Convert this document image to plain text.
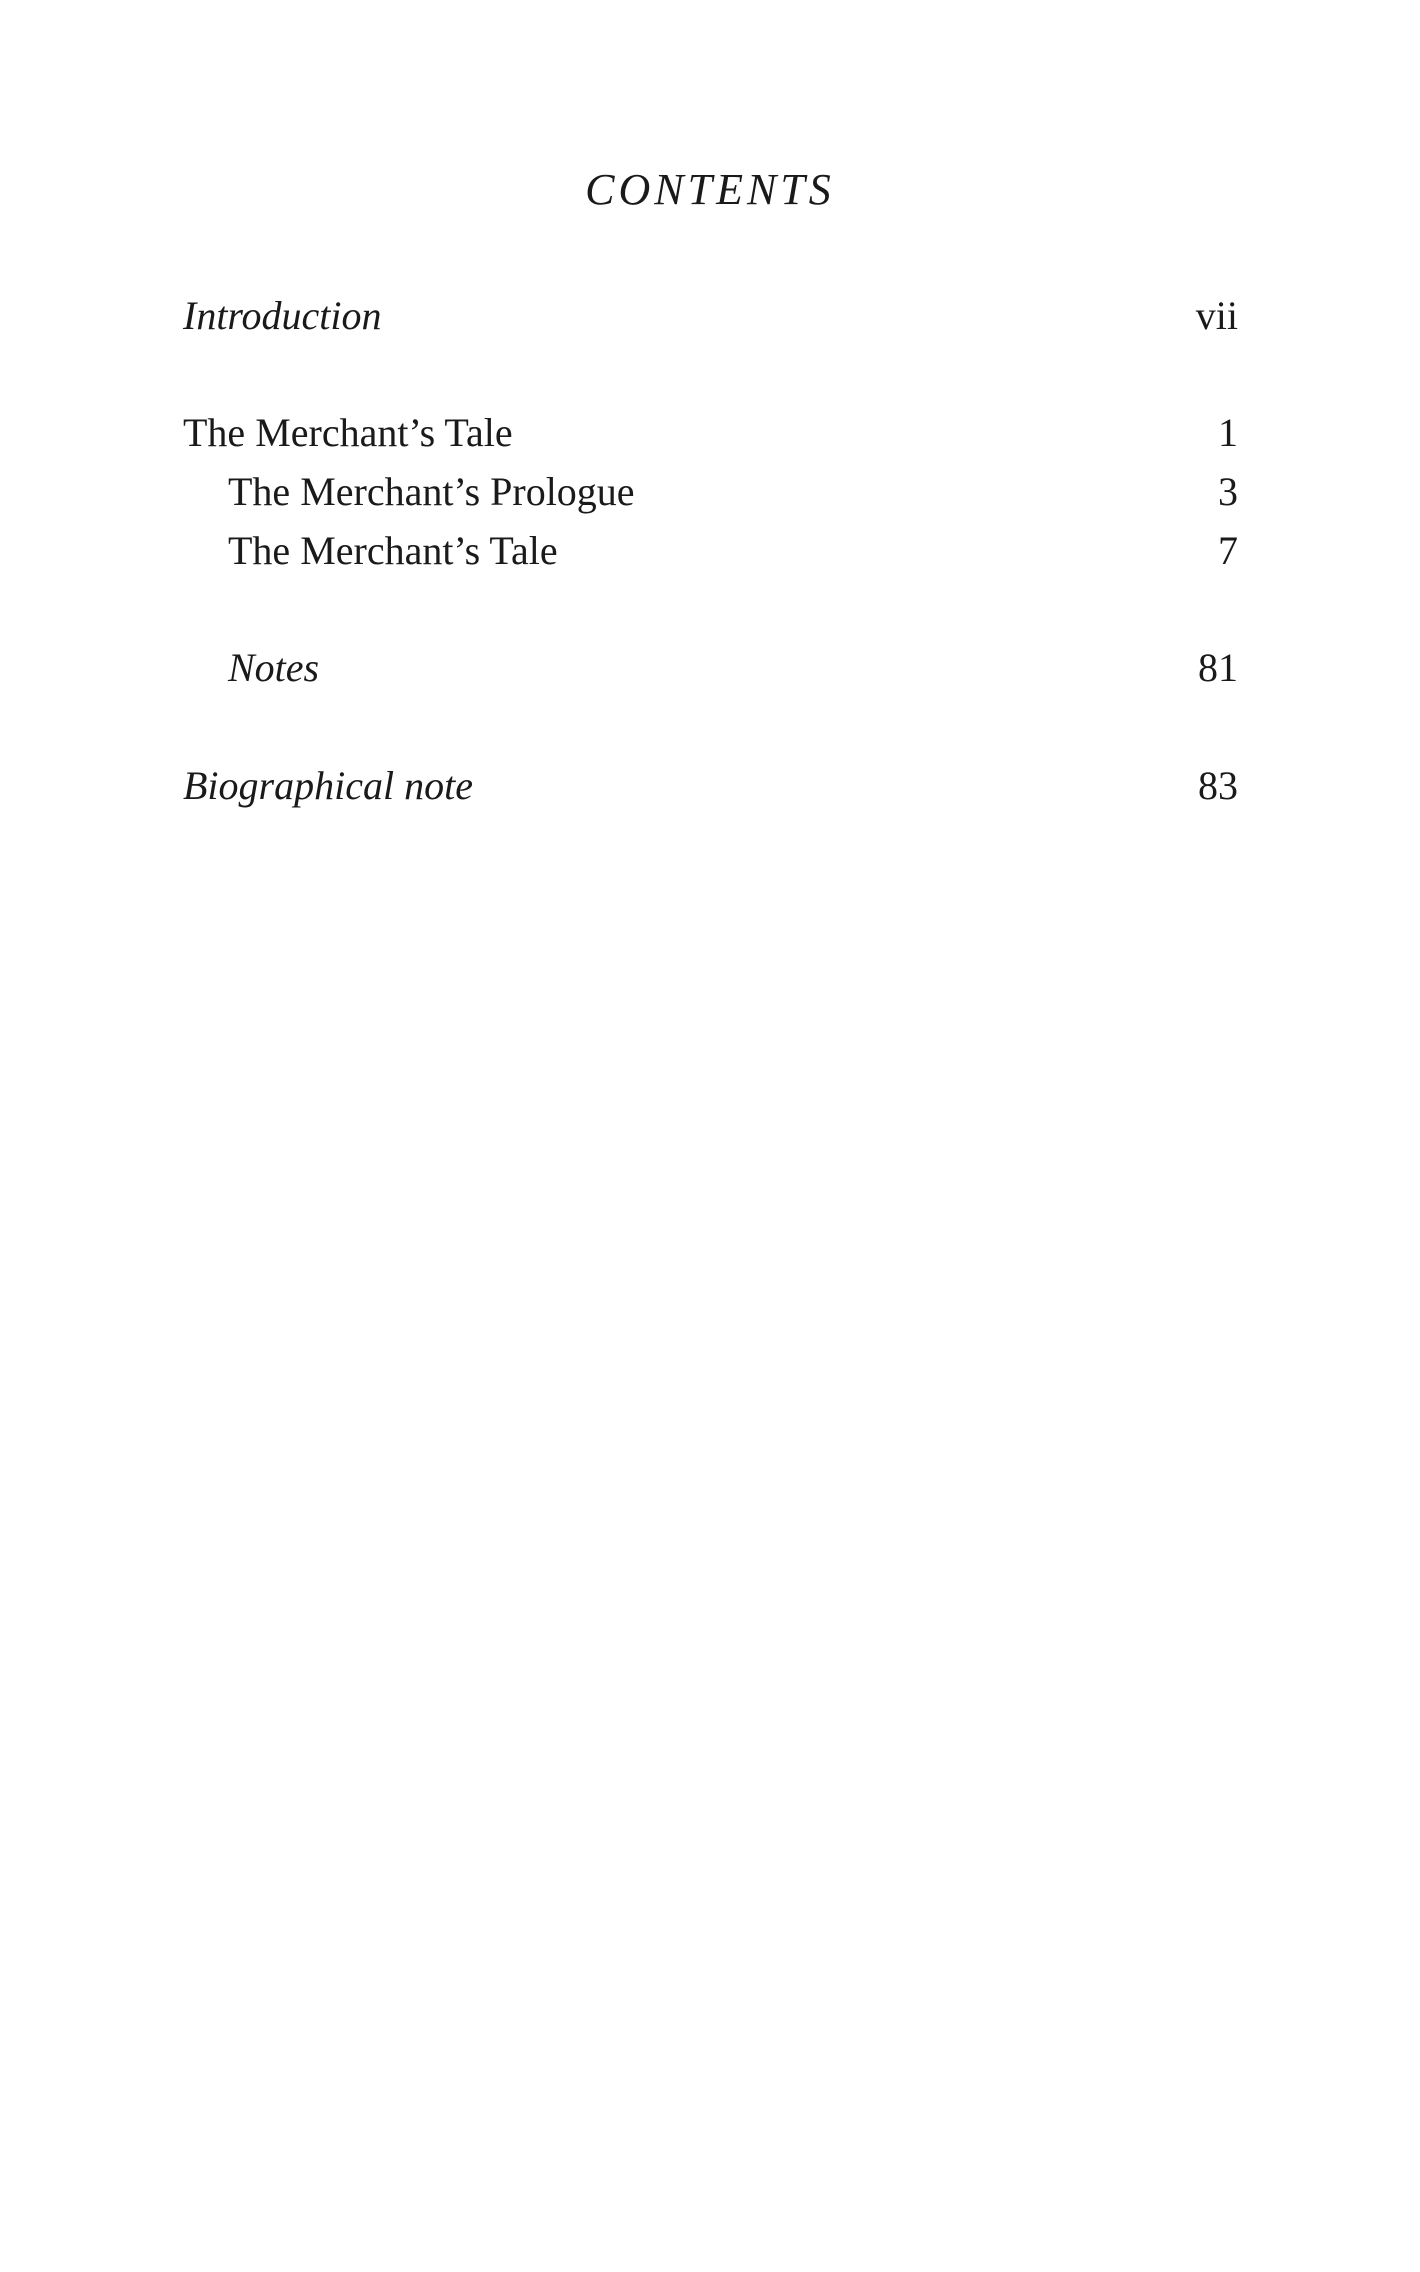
CONTENTS
Introduction	vii
The Merchant’s Tale	1
The Merchant’s Prologue	3
The Merchant’s Tale	7
Notes	81
Biographical note	83
